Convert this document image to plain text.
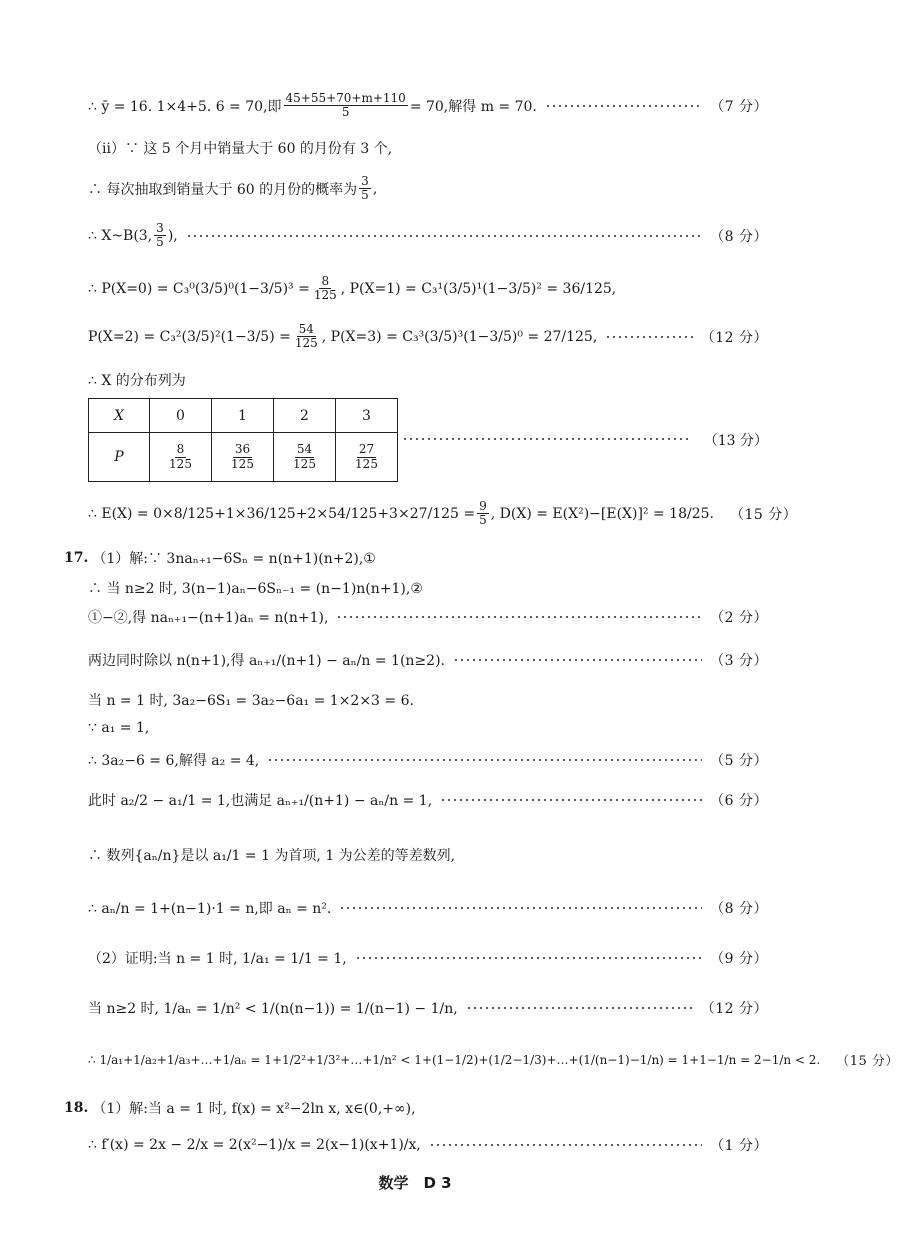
∴ ȳ = 16. 1×4+5. 6 = 70,即 $\frac{45+55+70+m+110}{5} = 70$,解得 m = 70.	（7 分）
（ⅱ）∵ 这 5 个月中销量大于 60 的月份有 3 个,
∴ 每次抽取到销量大于 60 的月份的概率为 $\frac{3}{5}$ ,
∴ X~B(3, $\frac{3}{5}$ ),	（8 分）
∴ $P(X=0) = C_3^0(3/5)^0(1-3/5)^3 = \frac{8}{125}$ , P(X=1) = C₃¹(3/5)¹(1−3/5)² = 36/125,
$P(X=2) = C_3^2(3/5)^2(1-3/5) = \frac{54}{125}$ , P(X=3) = C₃³(3/5)³(1−3/5)⁰ = 27/125,	（12 分）
∴ X 的分布列为
X	0	1	2	3
P	$\frac{8}{125}$	$\frac{36}{125}$	$\frac{54}{125}$	$\frac{27}{125}$
（13 分）
∴ $E(X) = 0\times 8/125+1\times 36/125+2\times 54/125+3\times 27/125 = \frac{9}{5}$ , D(X) = E(X²)−[E(X)]² = 18/25. （15 分）
17. （1）解:∵ 3naₙ₊₁−6Sₙ = n(n+1)(n+2),①
∴ 当 n≥2 时, 3(n−1)aₙ−6Sₙ₋₁ = (n−1)n(n+1),②
①−②,得 naₙ₊₁−(n+1)aₙ = n(n+1),	（2 分）
两边同时除以 n(n+1),得 aₙ₊₁/(n+1) − aₙ/n = 1(n≥2).	（3 分）
当 n = 1 时, 3a₂−6S₁ = 3a₂−6a₁ = 1×2×3 = 6.
∵ a₁ = 1,
∴ 3a₂−6 = 6,解得 a₂ = 4,	（5 分）
此时 a₂/2 − a₁/1 = 1,也满足 aₙ₊₁/(n+1) − aₙ/n = 1,	（6 分）
∴ 数列{aₙ/n}是以 a₁/1 = 1 为首项, 1 为公差的等差数列,
∴ aₙ/n = 1+(n−1)·1 = n,即 aₙ = n².	（8 分）
（2）证明:当 n = 1 时, 1/a₁ = 1/1 = 1,	（9 分）
当 n≥2 时, 1/aₙ = 1/n² < 1/(n(n−1)) = 1/(n−1) − 1/n,	（12 分）
∴ 1/a₁+1/a₂+1/a₃+…+1/aₙ = 1+1/2²+1/3²+…+1/n² < 1+(1−1/2)+(1/2−1/3)+…+(1/(n−1)−1/n) = 1+1−1/n = 2−1/n < 2. （15 分）
18. （1）解:当 a = 1 时, f(x) = x²−2ln x, x∈(0,+∞),
∴ f′(x) = 2x − 2/x = 2(x²−1)/x = 2(x−1)(x+1)/x,	（1 分）
数学　D 3
